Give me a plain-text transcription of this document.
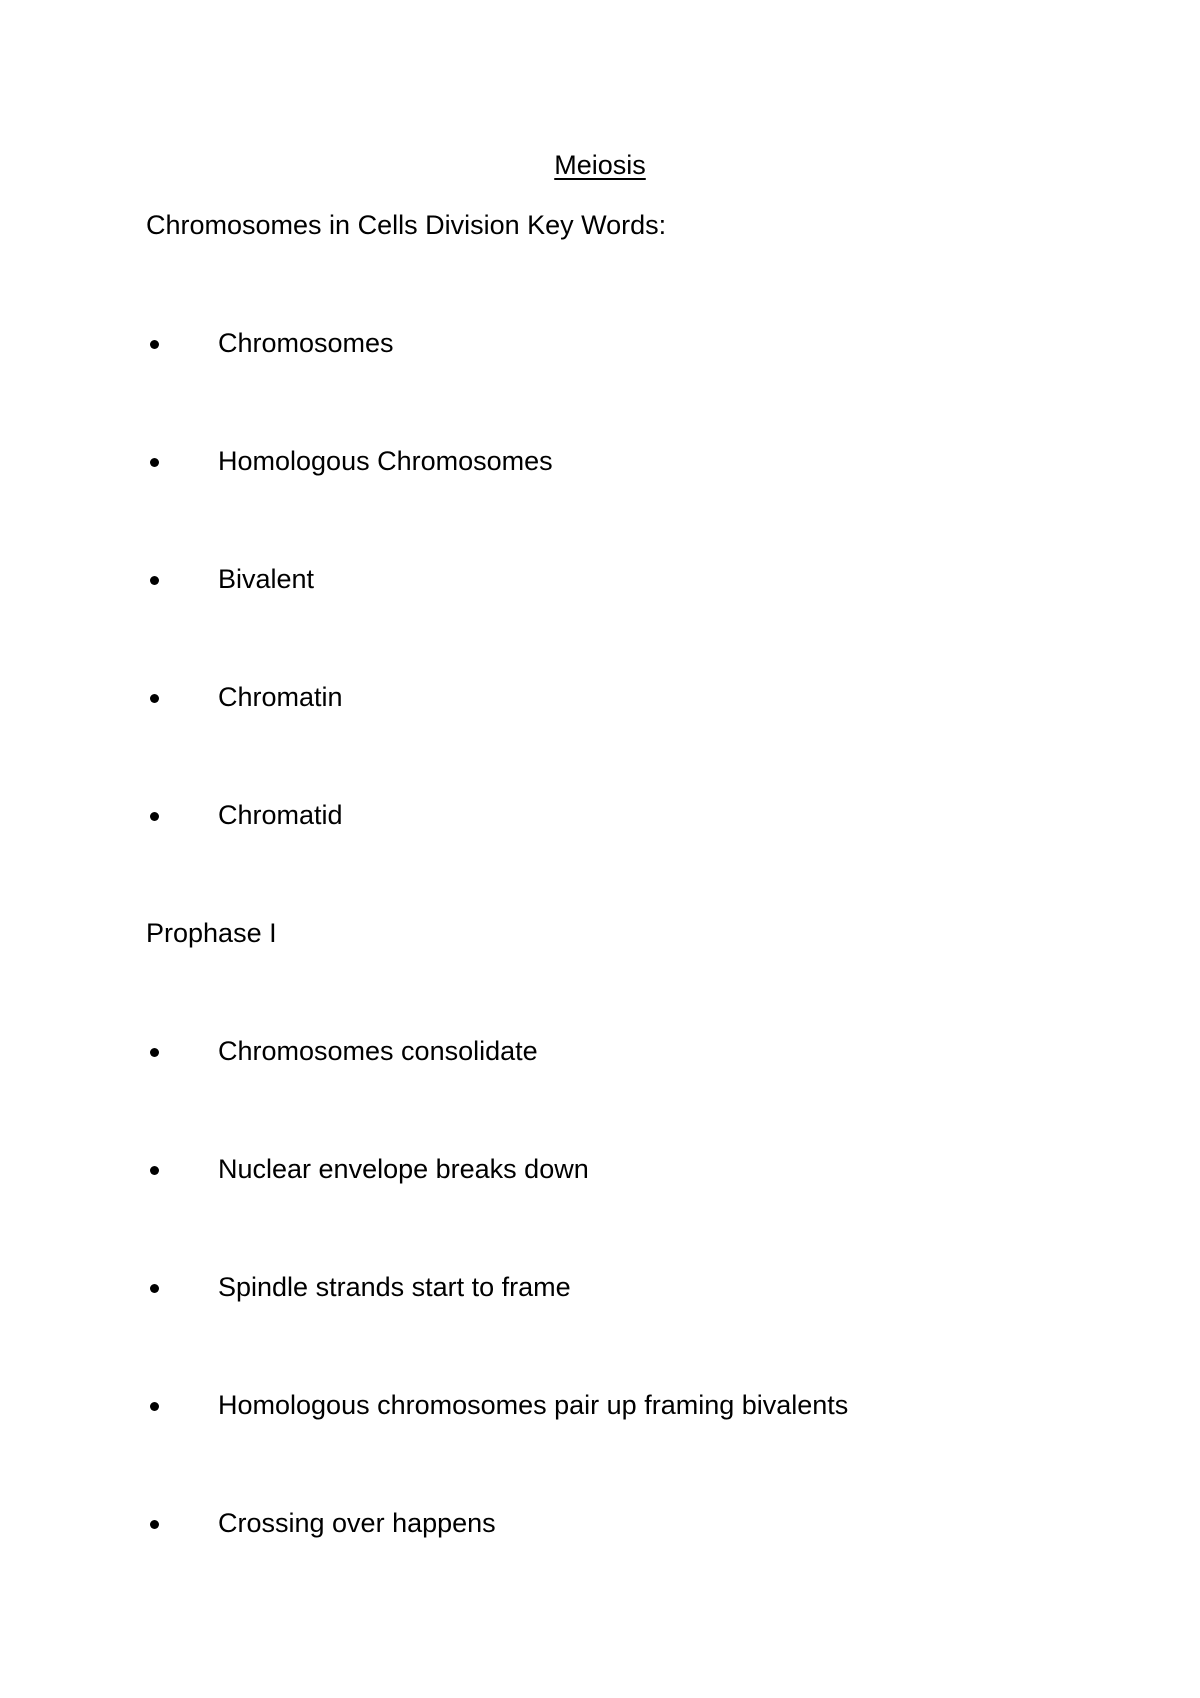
Meiosis
Chromosomes in Cells Division Key Words:
Chromosomes
Homologous Chromosomes
Bivalent
Chromatin
Chromatid
Prophase I
Chromosomes consolidate
Nuclear envelope breaks down
Spindle strands start to frame
Homologous chromosomes pair up framing bivalents
Crossing over happens
